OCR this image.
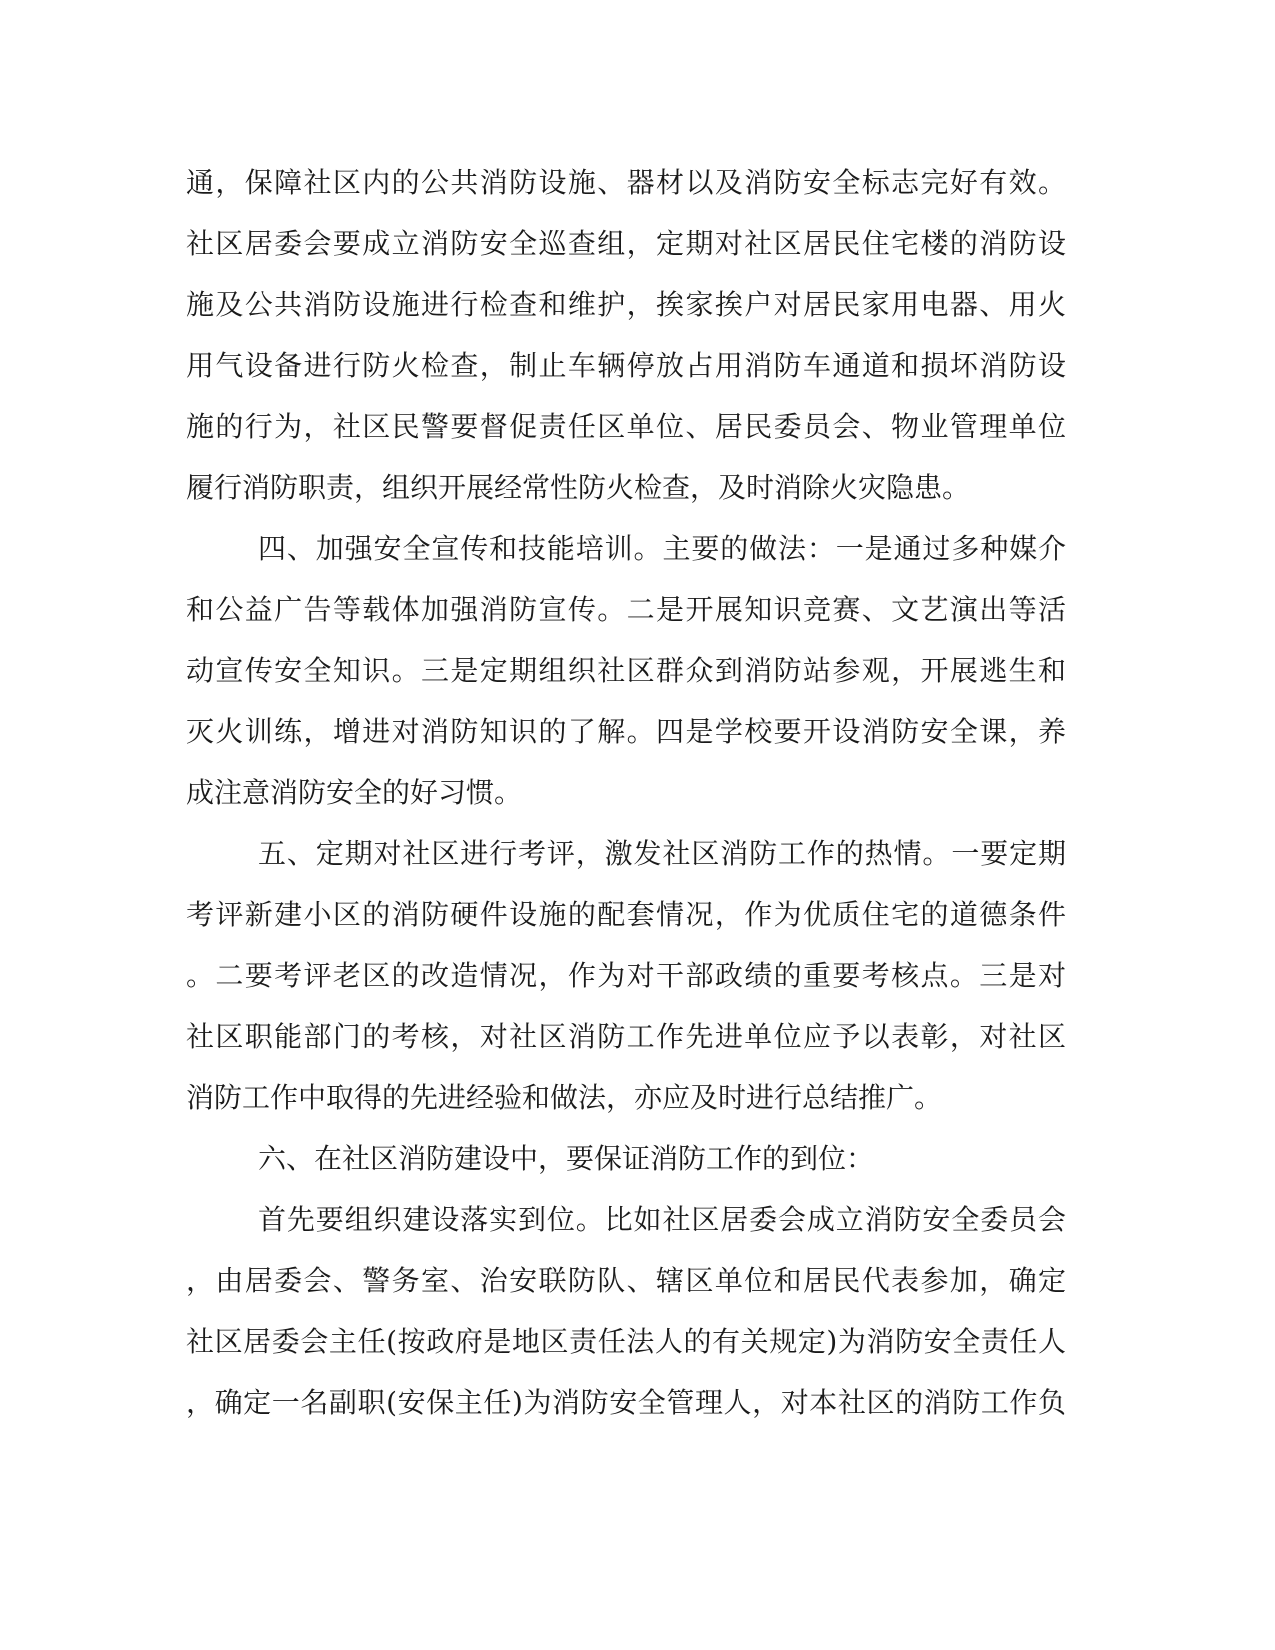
通，保障社区内的公共消防设施、器材以及消防安全标志完好有效。
社区居委会要成立消防安全巡查组，定期对社区居民住宅楼的消防设
施及公共消防设施进行检查和维护，挨家挨户对居民家用电器、用火
用气设备进行防火检查，制止车辆停放占用消防车通道和损坏消防设
施的行为，社区民警要督促责任区单位、居民委员会、物业管理单位
履行消防职责，组织开展经常性防火检查，及时消除火灾隐患。
四、加强安全宣传和技能培训。主要的做法：一是通过多种媒介
和公益广告等载体加强消防宣传。二是开展知识竞赛、文艺演出等活
动宣传安全知识。三是定期组织社区群众到消防站参观，开展逃生和
灭火训练，增进对消防知识的了解。四是学校要开设消防安全课，养
成注意消防安全的好习惯。
五、定期对社区进行考评，激发社区消防工作的热情。一要定期
考评新建小区的消防硬件设施的配套情况，作为优质住宅的道德条件
。二要考评老区的改造情况，作为对干部政绩的重要考核点。三是对
社区职能部门的考核，对社区消防工作先进单位应予以表彰，对社区
消防工作中取得的先进经验和做法，亦应及时进行总结推广。
六、在社区消防建设中，要保证消防工作的到位：
首先要组织建设落实到位。比如社区居委会成立消防安全委员会
，由居委会、警务室、治安联防队、辖区单位和居民代表参加，确定
社区居委会主任(按政府是地区责任法人的有关规定)为消防安全责任人
，确定一名副职(安保主任)为消防安全管理人，对本社区的消防工作负
